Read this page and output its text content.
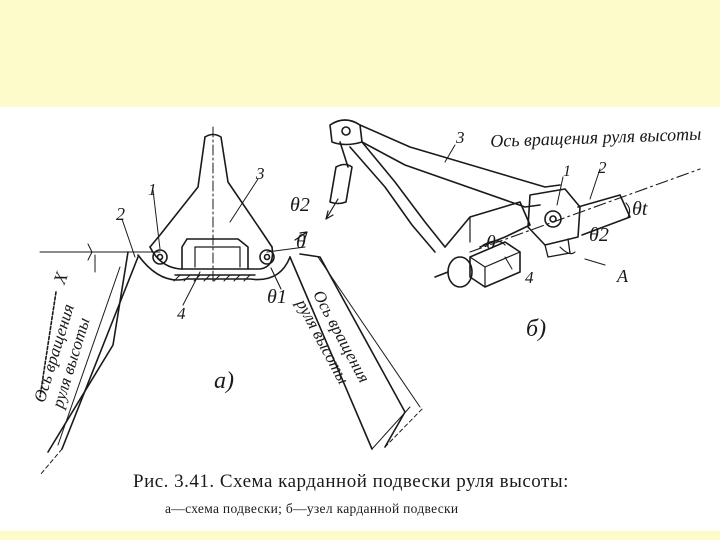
X
1
2
3
4
θ2
θ
θ1
Ось вращения руля высоты	Ось вращения руля высоты
а)
Ось вращения руля высоты
3
1 2
θt
θ2
θ
4	A
б)
Рис. 3.41. Схема карданной подвески руля высоты:
а—схема подвески; б—узел карданной подвески
